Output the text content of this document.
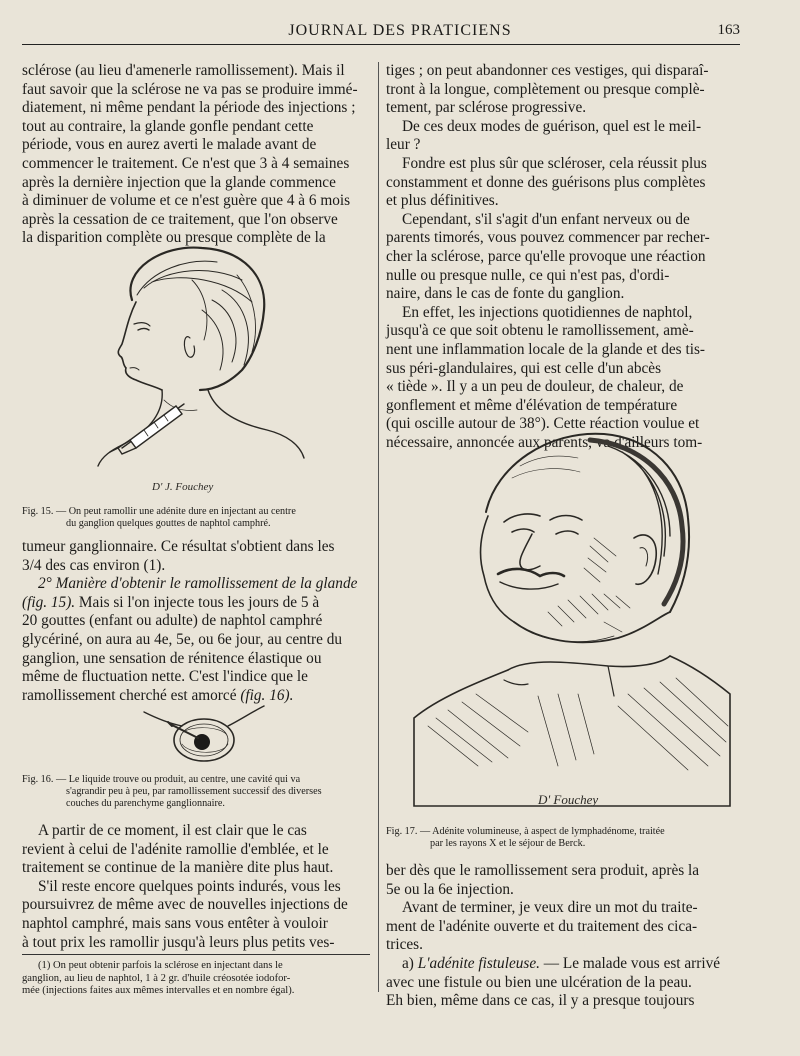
JOURNAL DES PRATICIENS	163

sclérose (au lieu d'amenerle ramollissement). Mais il

faut savoir que la sclérose ne va pas se produire immé-

diatement, ni même pendant la période des injections ;

tout au contraire, la glande gonfle pendant cette

période, vous en aurez averti le malade avant de

commencer le traitement. Ce n'est que 3 à 4 semaines

après la dernière injection que la glande commence

à diminuer de volume et ce n'est guère que 4 à 6 mois

après la cessation de ce traitement, que l'on observe

la disparition complète ou presque complète de la

D' J. Fouchey

Fig. 15. — On peut ramollir une adénite dure en injectant au centre

du ganglion quelques gouttes de naphtol camphré.

tumeur ganglionnaire. Ce résultat s'obtient dans les

3/4 des cas environ (1).

2° Manière d'obtenir le ramollissement de la glande

(fig. 15). Mais si l'on injecte tous les jours de 5 à

20 gouttes (enfant ou adulte) de naphtol camphré

glycériné, on aura au 4e, 5e, ou 6e jour, au centre du

ganglion, une sensation de rénitence élastique ou

même de fluctuation nette. C'est l'indice que le

ramollissement cherché est amorcé (fig. 16).

Fig. 16. — Le liquide trouve ou produit, au centre, une cavité qui va

s'agrandir peu à peu, par ramollissement successif des diverses

couches du parenchyme ganglionnaire.

A partir de ce moment, il est clair que le cas

revient à celui de l'adénite ramollie d'emblée, et le

traitement se continue de la manière dite plus haut.

S'il reste encore quelques points indurés, vous les

poursuivrez de même avec de nouvelles injections de

naphtol camphré, mais sans vous entêter à vouloir

à tout prix les ramollir jusqu'à leurs plus petits ves-

(1) On peut obtenir parfois la sclérose en injectant dans le
ganglion, au lieu de naphtol, 1 à 2 gr. d'huile créosotée iodofor-
mée (injections faites aux mêmes intervalles et en nombre égal).

tiges ; on peut abandonner ces vestiges, qui disparaî-

tront à la longue, complètement ou presque complè-

tement, par sclérose progressive.

De ces deux modes de guérison, quel est le meil-

leur ?

Fondre est plus sûr que scléroser, cela réussit plus

constamment et donne des guérisons plus complètes

et plus définitives.

Cependant, s'il s'agit d'un enfant nerveux ou de

parents timorés, vous pouvez commencer par recher-

cher la sclérose, parce qu'elle provoque une réaction

nulle ou presque nulle, ce qui n'est pas, d'ordi-

naire, dans le cas de fonte du ganglion.

En effet, les injections quotidiennes de naphtol,

jusqu'à ce que soit obtenu le ramollissement, amè-

nent une inflammation locale de la glande et des tis-

sus péri-glandulaires, qui est celle d'un abcès

« tiède ». Il y a un peu de douleur, de chaleur, de

gonflement et même d'élévation de température

(qui oscille autour de 38°). Cette réaction voulue et

nécessaire, annoncée aux parents, va d'ailleurs tom-

D' Fouchey

Fig. 17. — Adénite volumineuse, à aspect de lymphadénome, traitée

par les rayons X et le séjour de Berck.

ber dès que le ramollissement sera produit, après la

5e ou la 6e injection.

Avant de terminer, je veux dire un mot du traite-

ment de l'adénite ouverte et du traitement des cica-

trices.

a) L'adénite fistuleuse. — Le malade vous est arrivé

avec une fistule ou bien une ulcération de la peau.

Eh bien, même dans ce cas, il y a presque toujours
